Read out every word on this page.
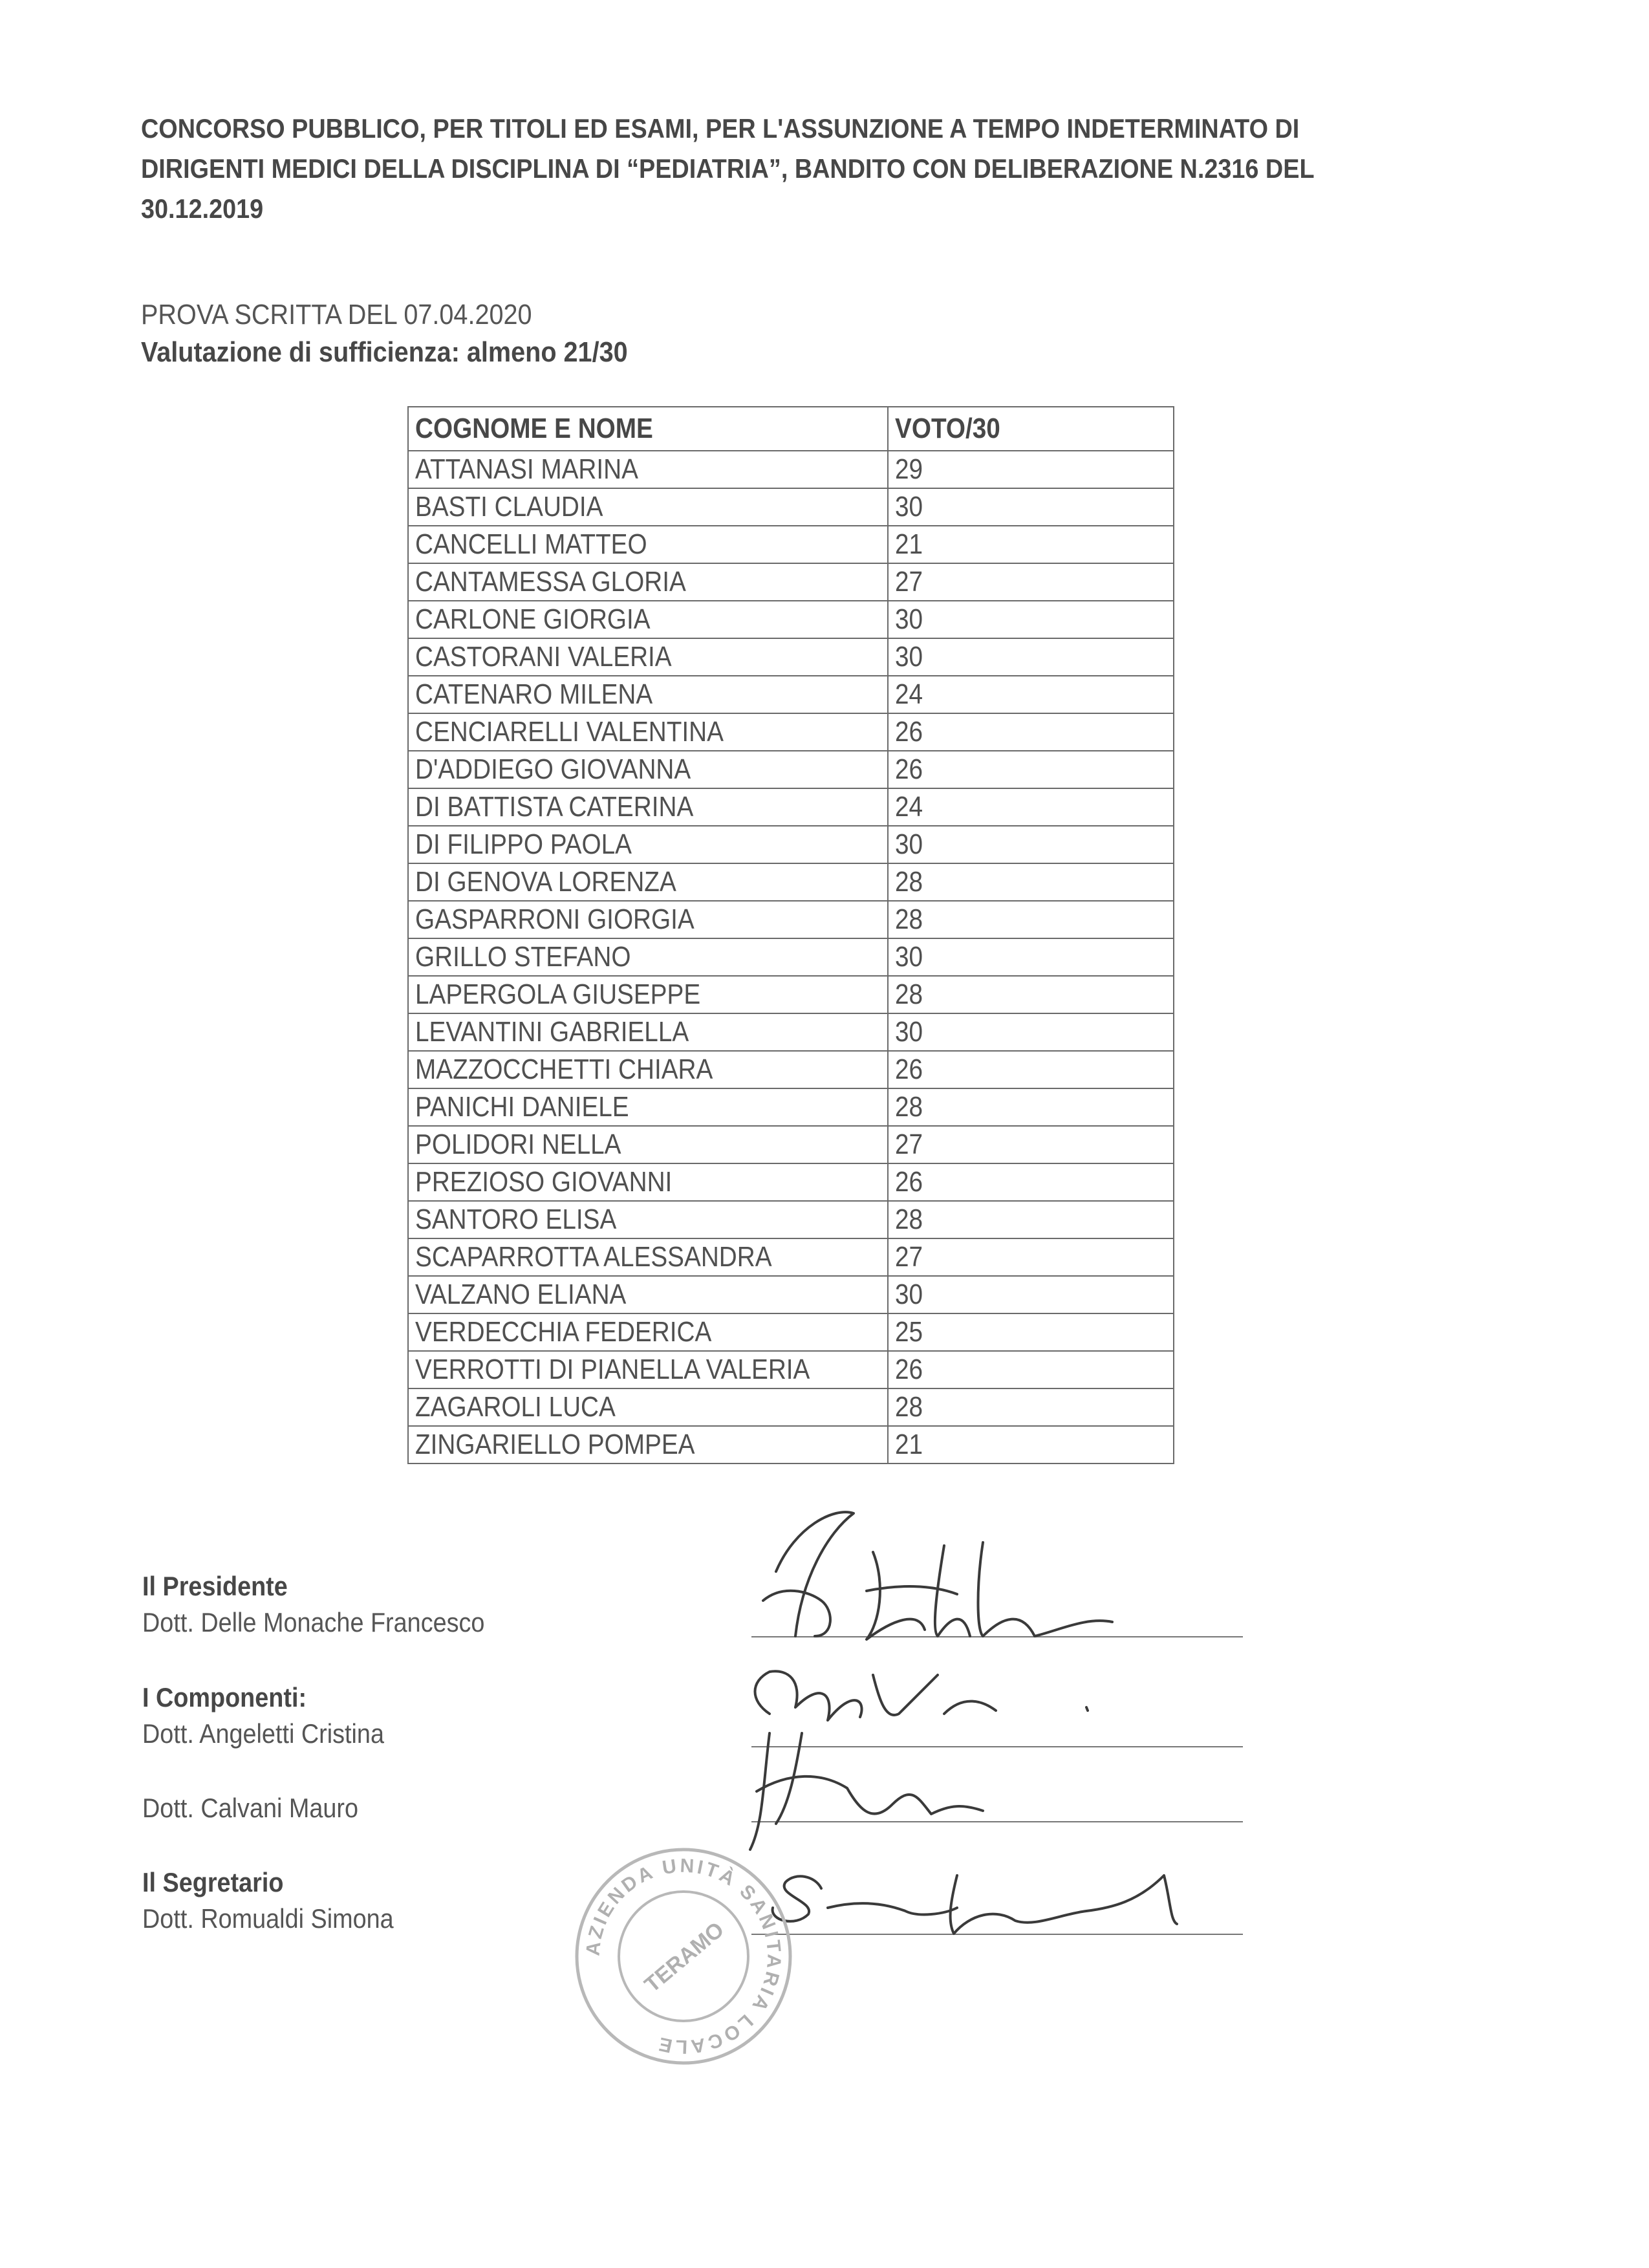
CONCORSO PUBBLICO, PER TITOLI ED ESAMI, PER L'ASSUNZIONE A TEMPO INDETERMINATO DI DIRIGENTI MEDICI DELLA DISCIPLINA DI “PEDIATRIA”, BANDITO CON DELIBERAZIONE N.2316 DEL 30.12.2019

PROVA SCRITTA DEL 07.04.2020
Valutazione di sufficienza: almeno 21/30

COGNOME E NOME	VOTO/30
ATTANASI MARINA	29
BASTI CLAUDIA	30
CANCELLI MATTEO	21
CANTAMESSA GLORIA	27
CARLONE GIORGIA	30
CASTORANI VALERIA	30
CATENARO MILENA	24
CENCIARELLI VALENTINA	26
D'ADDIEGO GIOVANNA	26
DI BATTISTA CATERINA	24
DI FILIPPO PAOLA	30
DI GENOVA LORENZA	28
GASPARRONI GIORGIA	28
GRILLO STEFANO	30
LAPERGOLA GIUSEPPE	28
LEVANTINI GABRIELLA	30
MAZZOCCHETTI CHIARA	26
PANICHI DANIELE	28
POLIDORI NELLA	27
PREZIOSO GIOVANNI	26
SANTORO ELISA	28
SCAPARROTTA ALESSANDRA	27
VALZANO ELIANA	30
VERDECCHIA FEDERICA	25
VERROTTI DI PIANELLA VALERIA	26
ZAGAROLI LUCA	28
ZINGARIELLO POMPEA	21
Il Presidente
Dott. Delle Monache Francesco
I Componenti:
Dott. Angeletti Cristina
Dott. Calvani Mauro
Il Segretario
Dott. Romualdi Simona
AZIENDA UNITÀ SANITARIA LOCALE
TERAMO
